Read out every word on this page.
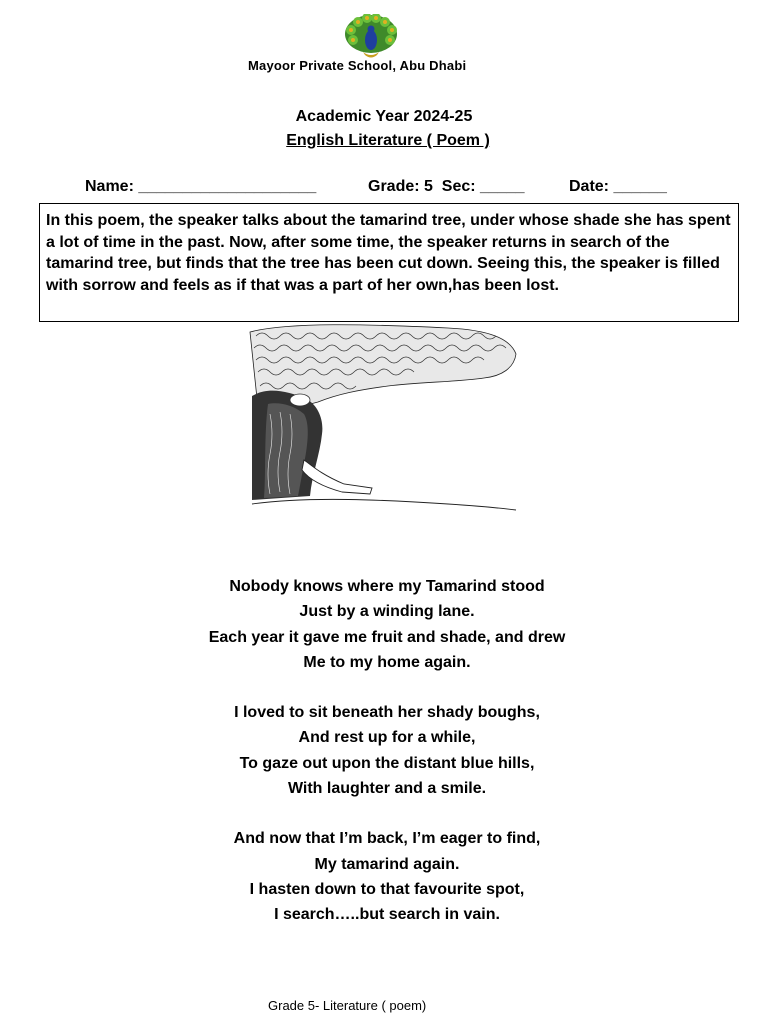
Mayoor Private School, Abu Dhabi
Academic Year 2024-25
English Literature ( Poem )
Name: ____________________	Grade: 5  Sec: _____	Date: ______
In this poem, the speaker talks about the tamarind tree, under whose shade she has spent a lot of time in the past. Now, after some time, the speaker returns in search of the tamarind tree, but finds that the tree has been cut down. Seeing this, the speaker is filled with sorrow and feels as if that was a part of her own,has been lost.
Nobody knows where my Tamarind stood
Just by a winding lane.
Each year it gave me fruit and shade, and drew
Me to my home again.
I loved to sit beneath her shady boughs,
And rest up for a while,
To gaze out upon the distant blue hills,
With laughter and a smile.
And now that I’m back, I’m eager to find,
My tamarind again.
I hasten down to that favourite spot,
I search…..but search in vain.
Grade 5- Literature ( poem)
